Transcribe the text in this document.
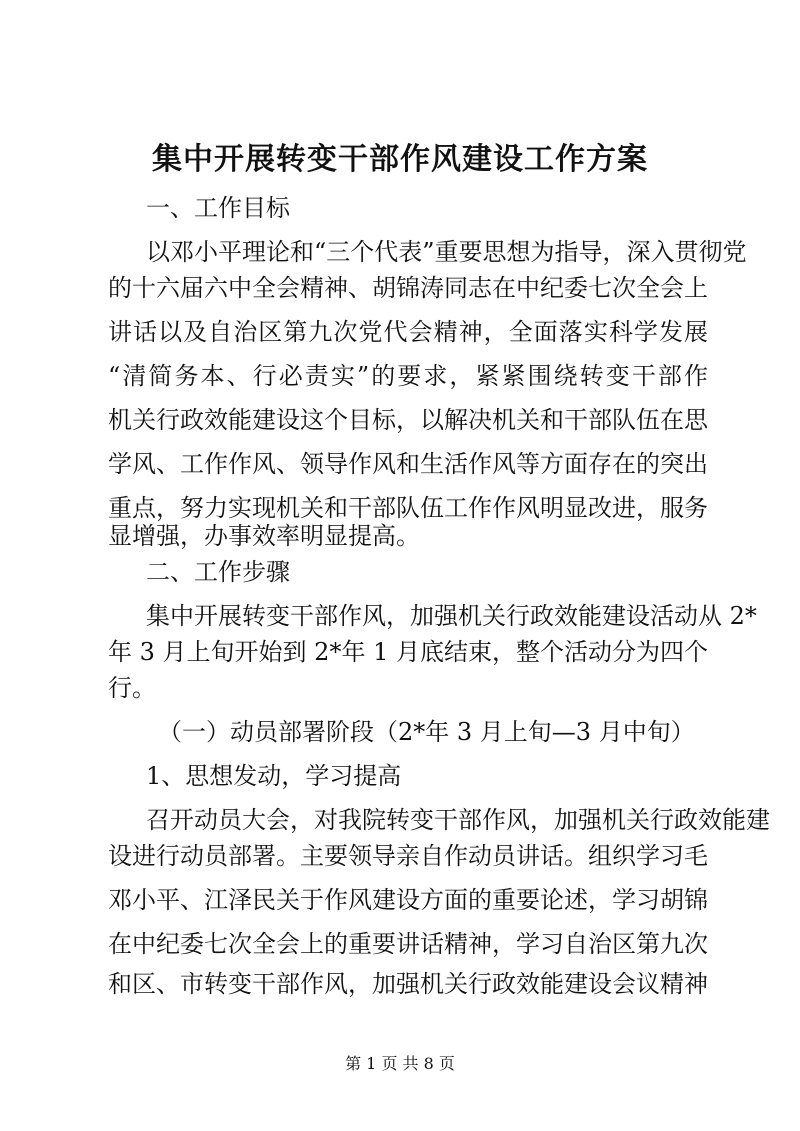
集中开展转变干部作风建设工作方案
一、工作目标
以邓小平理论和“三个代表”重要思想为指导，深入贯彻党
的十六届六中全会精神、胡锦涛同志在中纪委七次全会上
讲话以及自治区第九次党代会精神，全面落实科学发展
“清简务本、行必责实”的要求，紧紧围绕转变干部作
机关行政效能建设这个目标，以解决机关和干部队伍在思
学风、工作作风、领导作风和生活作风等方面存在的突出
重点，努力实现机关和干部队伍工作作风明显改进，服务
显增强，办事效率明显提高。
二、工作步骤
集中开展转变干部作风，加强机关行政效能建设活动从 2*
年 3 月上旬开始到 2*年 1 月底结束，整个活动分为四个
行。
（一）动员部署阶段（2*年 3 月上旬—3 月中旬）
1、思想发动，学习提高
召开动员大会，对我院转变干部作风，加强机关行政效能建
设进行动员部署。主要领导亲自作动员讲话。组织学习毛
邓小平、江泽民关于作风建设方面的重要论述，学习胡锦
在中纪委七次全会上的重要讲话精神，学习自治区第九次
和区、市转变干部作风，加强机关行政效能建设会议精神
第 1 页 共 8 页
